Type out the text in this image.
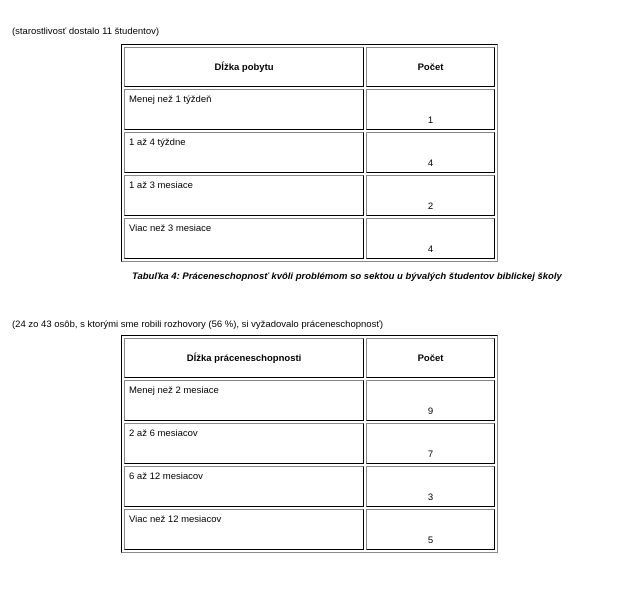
(starostlivosť dostalo 11 študentov)
Dĺžka pobytu	Počet
Menej než 1 týždeň	1
1 až 4 týždne	4
1 až 3 mesiace	2
Viac než 3 mesiace	4
Tabuľka 4: Práceneschopnosť kvôli problémom so sektou u bývalých študentov biblickej školy
(24 zo 43 osôb, s ktorými sme robili rozhovory (56 %), si vyžadovalo práceneschopnosť)
Dĺžka práceneschopnosti	Počet
Menej než 2 mesiace	9
2 až 6 mesiacov	7
6 až 12 mesiacov	3
Viac než 12 mesiacov	5
